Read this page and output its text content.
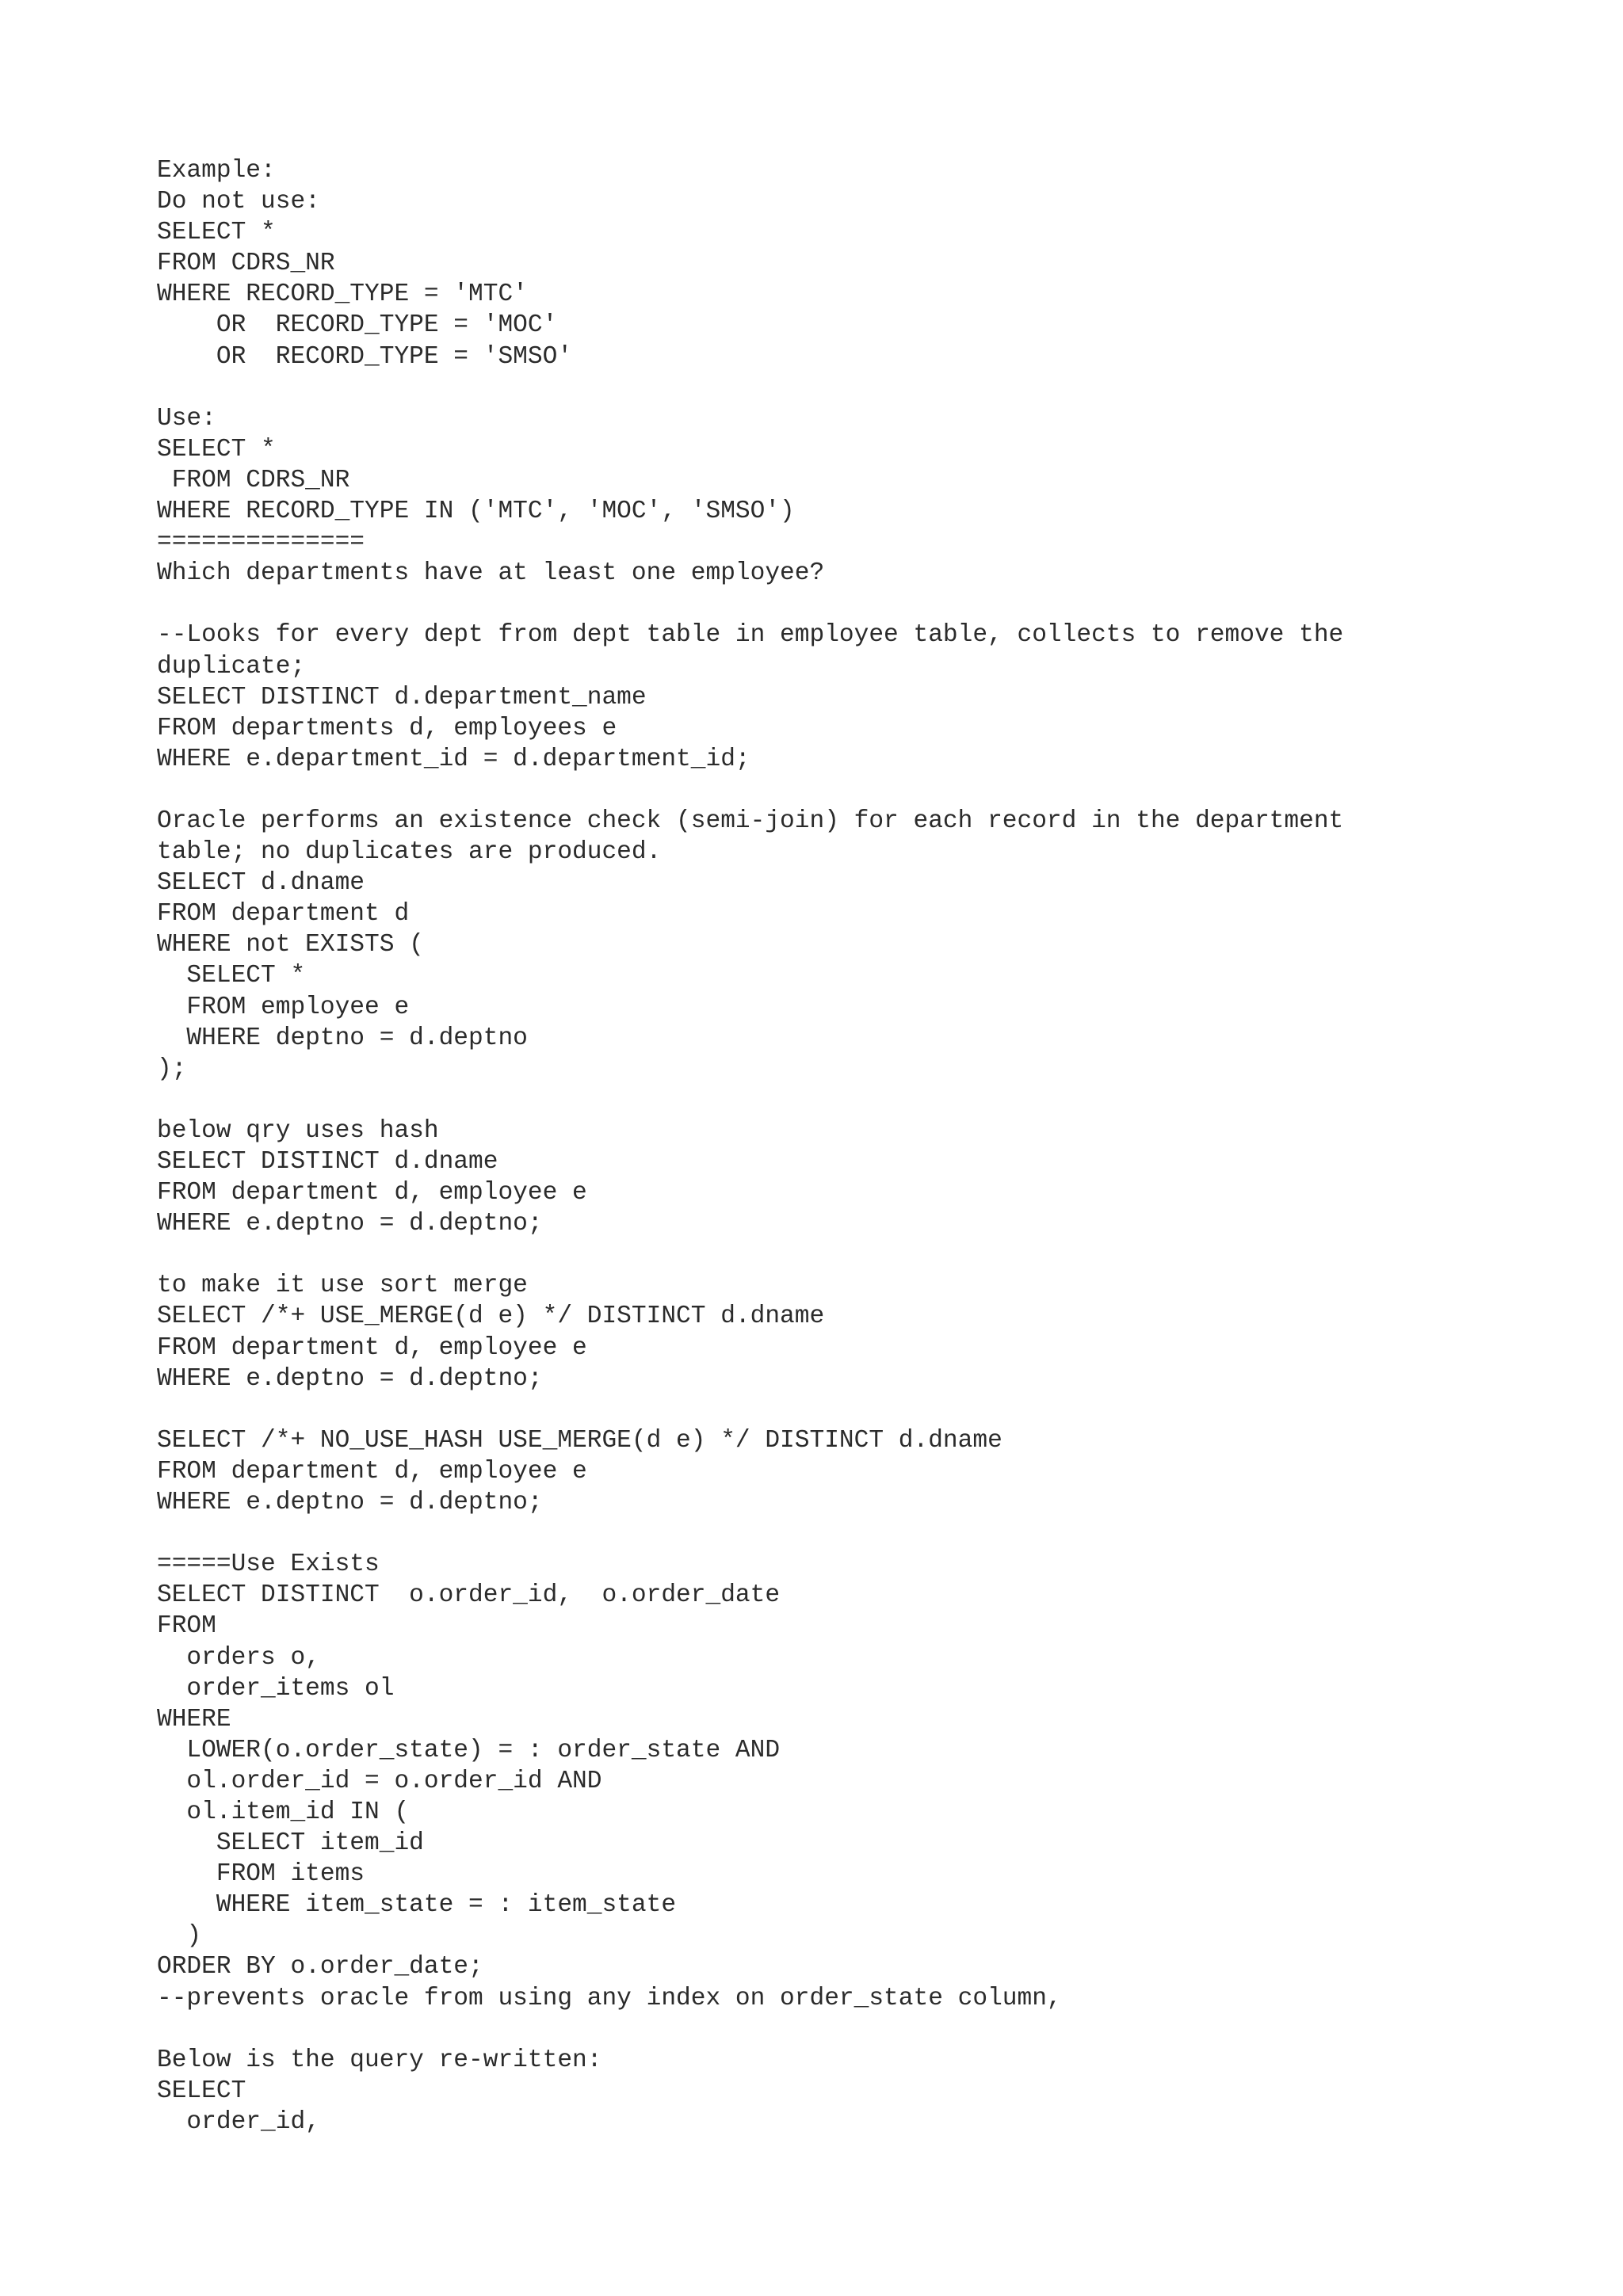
Example:
Do not use:
SELECT *
FROM CDRS_NR
WHERE RECORD_TYPE = 'MTC'
OR  RECORD_TYPE = 'MOC'
OR  RECORD_TYPE = 'SMSO'
Use:
SELECT *
FROM CDRS_NR
WHERE RECORD_TYPE IN ('MTC', 'MOC', 'SMSO')
==============
Which departments have at least one employee?
--Looks for every dept from dept table in employee table, collects to remove the
duplicate;
SELECT DISTINCT d.department_name
FROM departments d, employees e
WHERE e.department_id = d.department_id;
Oracle performs an existence check (semi-join) for each record in the department
table; no duplicates are produced.
SELECT d.dname
FROM department d
WHERE not EXISTS (
SELECT *
FROM employee e
WHERE deptno = d.deptno
);
below qry uses hash
SELECT DISTINCT d.dname
FROM department d, employee e
WHERE e.deptno = d.deptno;
to make it use sort merge
SELECT /*+ USE_MERGE(d e) */ DISTINCT d.dname
FROM department d, employee e
WHERE e.deptno = d.deptno;
SELECT /*+ NO_USE_HASH USE_MERGE(d e) */ DISTINCT d.dname
FROM department d, employee e
WHERE e.deptno = d.deptno;
=====Use Exists
SELECT DISTINCT  o.order_id,  o.order_date
FROM
orders o,
order_items ol
WHERE
LOWER(o.order_state) = : order_state AND
ol.order_id = o.order_id AND
ol.item_id IN (
SELECT item_id
FROM items
WHERE item_state = : item_state
)
ORDER BY o.order_date;
--prevents oracle from using any index on order_state column,
Below is the query re-written:
SELECT
order_id,
